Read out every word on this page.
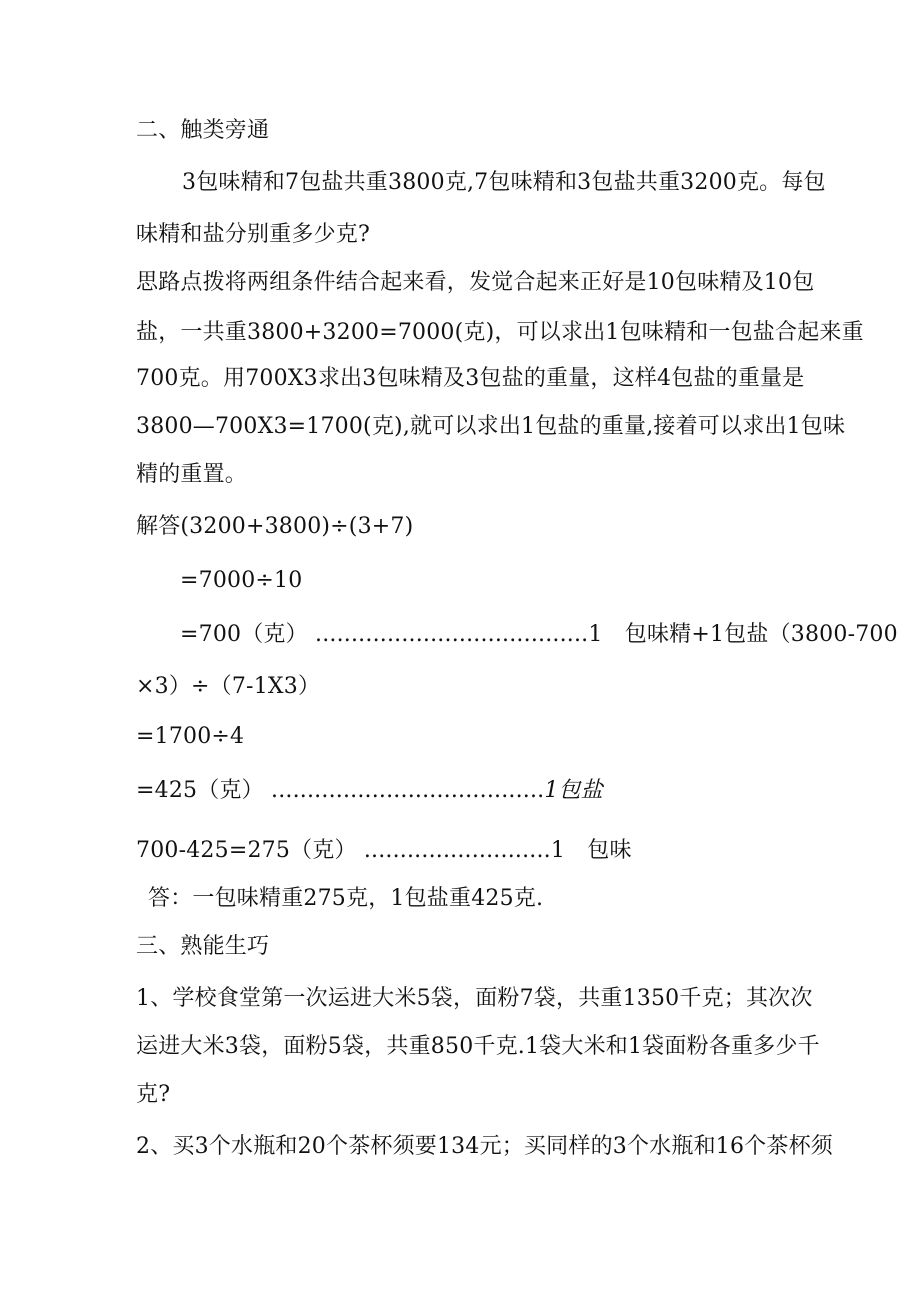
二、触类旁通
3包味精和7包盐共重3800克,7包味精和3包盐共重3200克。每包
味精和盐分别重多少克?
思路点拨将两组条件结合起来看，发觉合起来正好是10包味精及10包
盐，一共重3800+3200=7000(克)，可以求出1包味精和一包盐合起来重
700克。用700X3求出3包味精及3包盐的重量，这样4包盐的重量是
3800—700X3=1700(克),就可以求出1包盐的重量,接着可以求出1包味
精的重置。
解答(3200+3800)÷(3+7)
=7000÷10
=700（克） ......................................1　包味精+1包盐（3800-700
×3）÷（7-1X3）
=1700÷4
=425（克） ......................................1包盐
700-425=275（克） ..........................1　包味
答：一包味精重275克，1包盐重425克.
三、熟能生巧
1、学校食堂第一次运进大米5袋，面粉7袋，共重1350千克；其次次
运进大米3袋，面粉5袋，共重850千克.1袋大米和1袋面粉各重多少千
克?
2、买3个水瓶和20个茶杯须要134元；买同样的3个水瓶和16个茶杯须
